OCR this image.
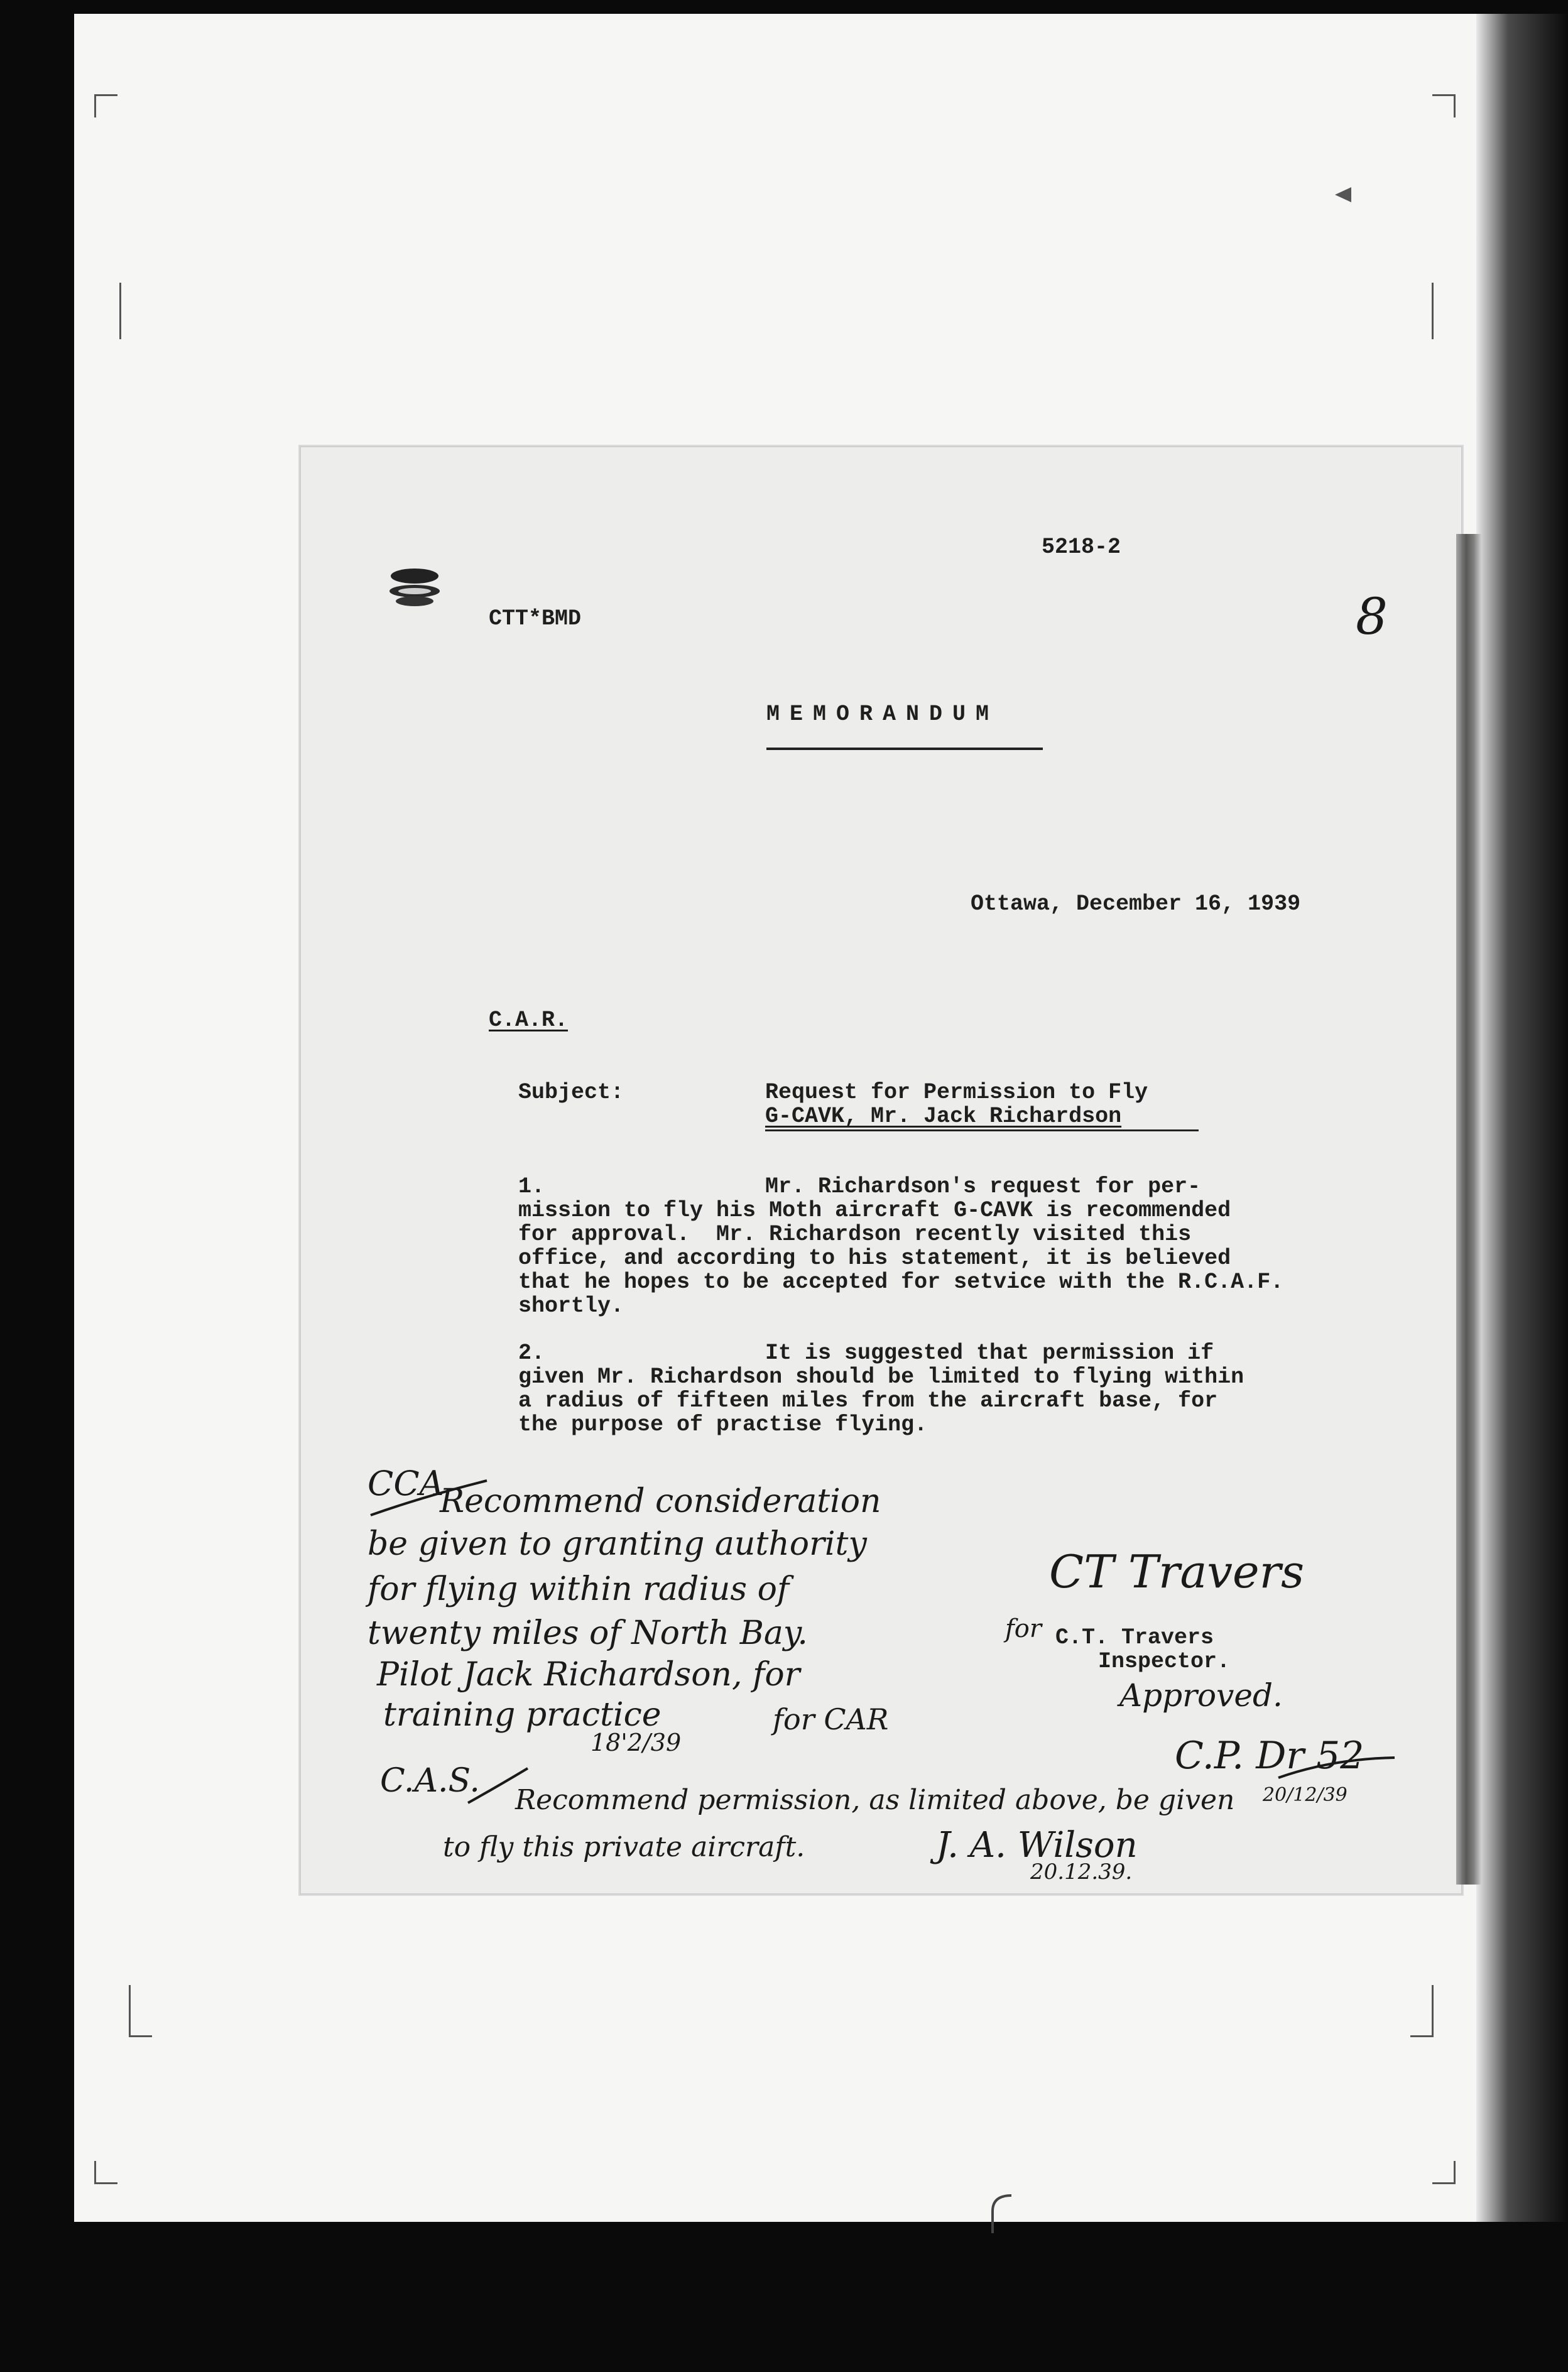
5218-2
CTT*BMD
MEMORANDUM
Ottawa, December 16, 1939
C.A.R.
Subject:	Request for Permission to Fly
G-CAVK, Mr. Jack Richardson
1.	Mr. Richardson's request for per-
mission to fly his Moth aircraft G-CAVK is recommended
for approval.  Mr. Richardson recently visited this
office, and according to his statement, it is believed
that he hopes to be accepted for setvice with the R.C.A.F.
shortly.
2.	It is suggested that permission if
given Mr. Richardson should be limited to flying within
a radius of fifteen miles from the aircraft base, for
the purpose of practise flying.
C.T. Travers
Inspector.
8
CCA
Recommend consideration
be given to granting authority
for flying within radius of
twenty miles of North Bay.
Pilot Jack Richardson, for
training practice	for CAR
18'2/39
CT Travers
for
Approved.
C.P. Dr 52
C.A.S.
Recommend permission, as limited above, be given 20/12/39
to fly this private aircraft.	J. A. Wilson
20.12.39.
